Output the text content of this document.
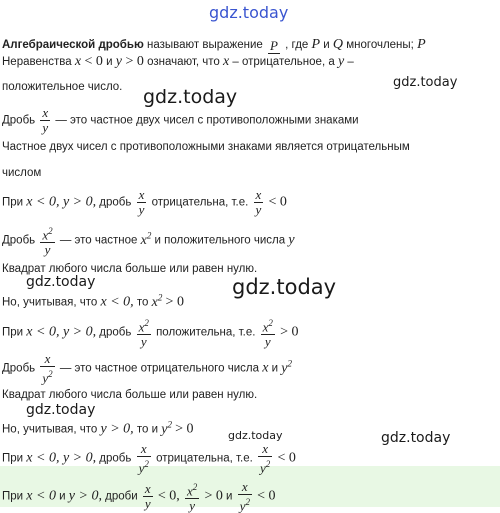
gdz.today
gdz.today
gdz.today
gdz.today	gdz.today
gdz.today
gdz.today	gdz.today
Алгебраической дробью называют выражение P , где P и Q многочлены; P
Неравенства x < 0 и y > 0 означают, что x – отрицательное, а y –
положительное число.
Дробь $\frac{x}{y}$ — это частное двух чисел с противоположными знаками
Частное двух чисел с противоположными знаками является отрицательным
числом
При x < 0, y > 0, дробь $\frac{x}{y}$ отрицательна, т.е. $\frac{x}{y} < 0$
Дробь $\frac{x^2}{y}$ — это частное $x^2$ и положительного числа y
Квадрат любого числа больше или равен нулю.
Но, учитывая, что x < 0, то $x^2 > 0$
При x < 0, y > 0, дробь $\frac{x^2}{y}$ положительна, т.е. $\frac{x^2}{y} > 0$
Дробь $\frac{x}{y^2}$ — это частное отрицательного числа x и $y^2$
Квадрат любого числа больше или равен нулю.
Но, учитывая, что y > 0, то и $y^2 > 0$
При x < 0, y > 0, дробь $\frac{x}{y^2}$ отрицательна, т.е. $\frac{x}{y^2} < 0$
При x < 0 и y > 0, дроби $\frac{x}{y} < 0$, $\frac{x^2}{y} > 0$ и $\frac{x}{y^2} < 0$
